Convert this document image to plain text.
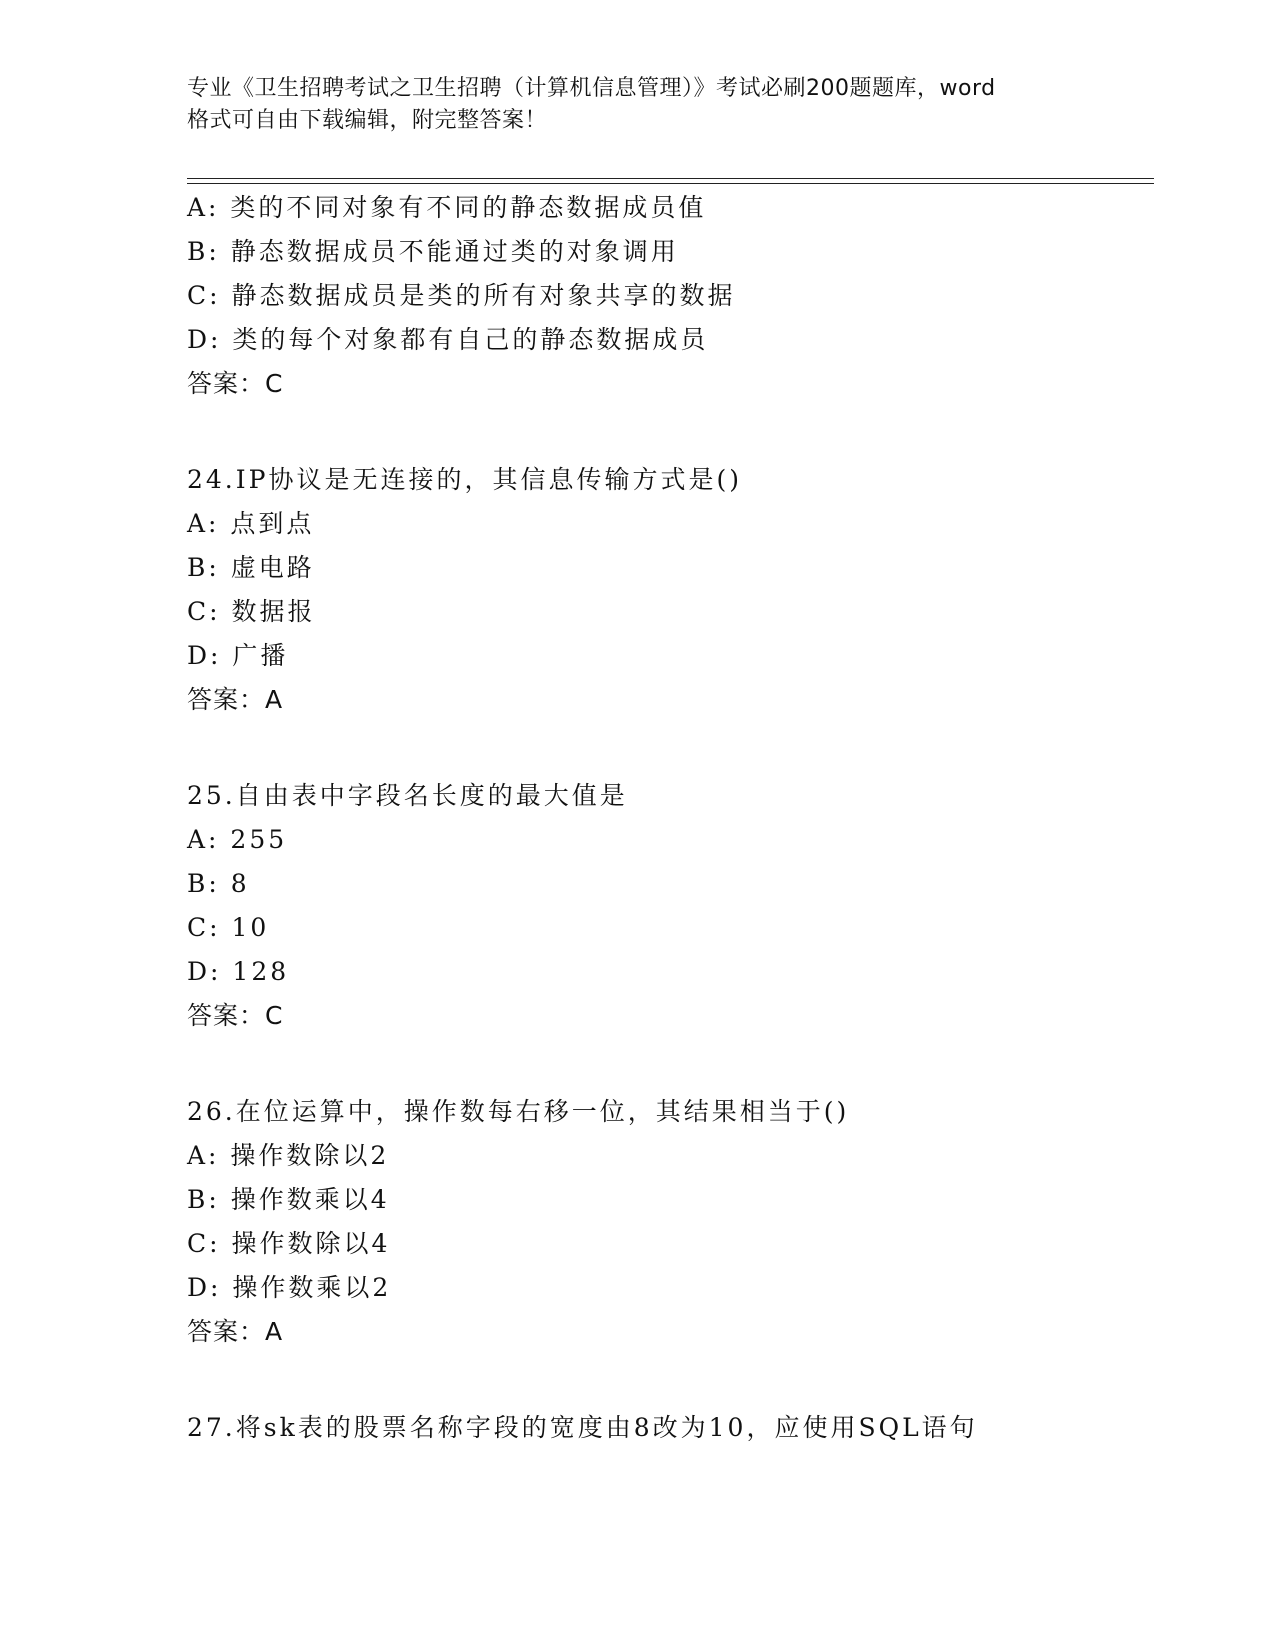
专业《卫生招聘考试之卫生招聘（计算机信息管理）》考试必刷200题题库，word
格式可自由下载编辑，附完整答案！
A: 类的不同对象有不同的静态数据成员值
B: 静态数据成员不能通过类的对象调用
C: 静态数据成员是类的所有对象共享的数据
D: 类的每个对象都有自己的静态数据成员
答案：C
24.IP协议是无连接的，其信息传输方式是()
A: 点到点
B: 虚电路
C: 数据报
D: 广播
答案：A
25.自由表中字段名长度的最大值是
A: 255
B: 8
C: 10
D: 128
答案：C
26.在位运算中，操作数每右移一位，其结果相当于()
A: 操作数除以2
B: 操作数乘以4
C: 操作数除以4
D: 操作数乘以2
答案：A
27.将sk表的股票名称字段的宽度由8改为10，应使用SQL语句
